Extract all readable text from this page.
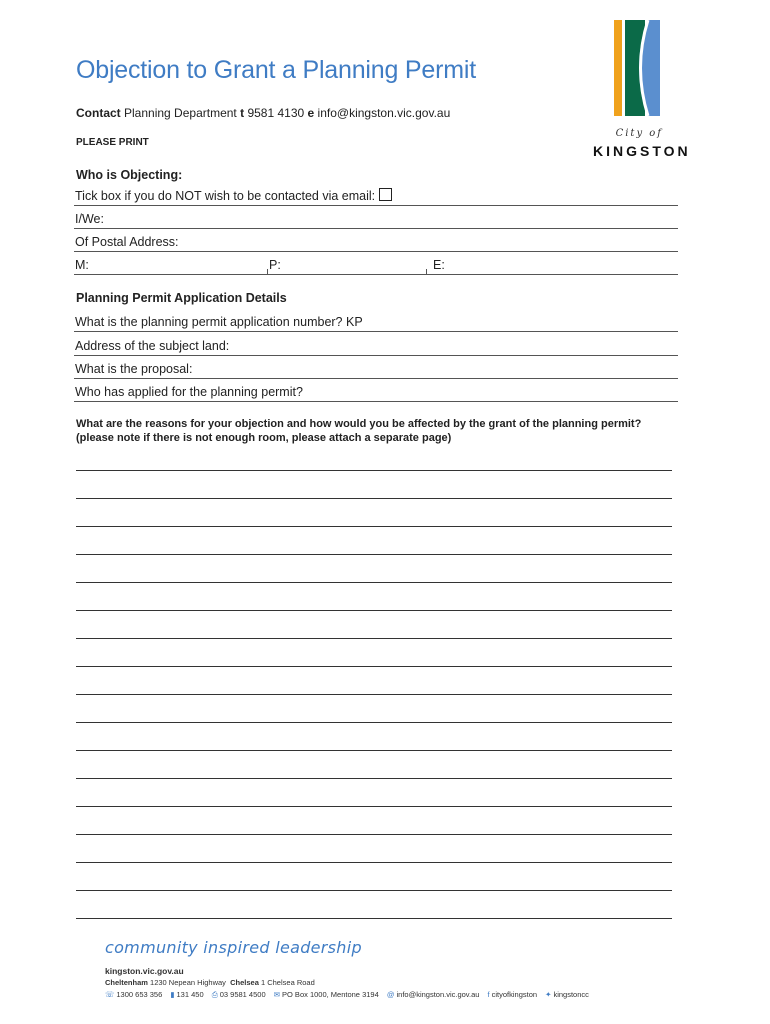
Objection to Grant a Planning Permit
Contact Planning Department t 9581 4130 e info@kingston.vic.gov.au
PLEASE PRINT
City of
KINGSTON
Who is Objecting:
Tick box if you do NOT wish to be contacted via email:
I/We:
Of Postal Address:
M:	P:	E:
Planning Permit Application Details
What is the planning permit application number? KP
Address of the subject land:
What is the proposal:
Who has applied for the planning permit?
What are the reasons for your objection and how would you be affected by the grant of the planning permit?
(please note if there is not enough room, please attach a separate page)
community inspired leadership
kingston.vic.gov.au
Cheltenham 1230 Nepean Highway Chelsea 1 Chelsea Road
☏ 1300 653 356 ▮ 131 450 ⎙ 03 9581 4500 ✉ PO Box 1000, Mentone 3194 @ info@kingston.vic.gov.au f cityofkingston ✦ kingstoncc
